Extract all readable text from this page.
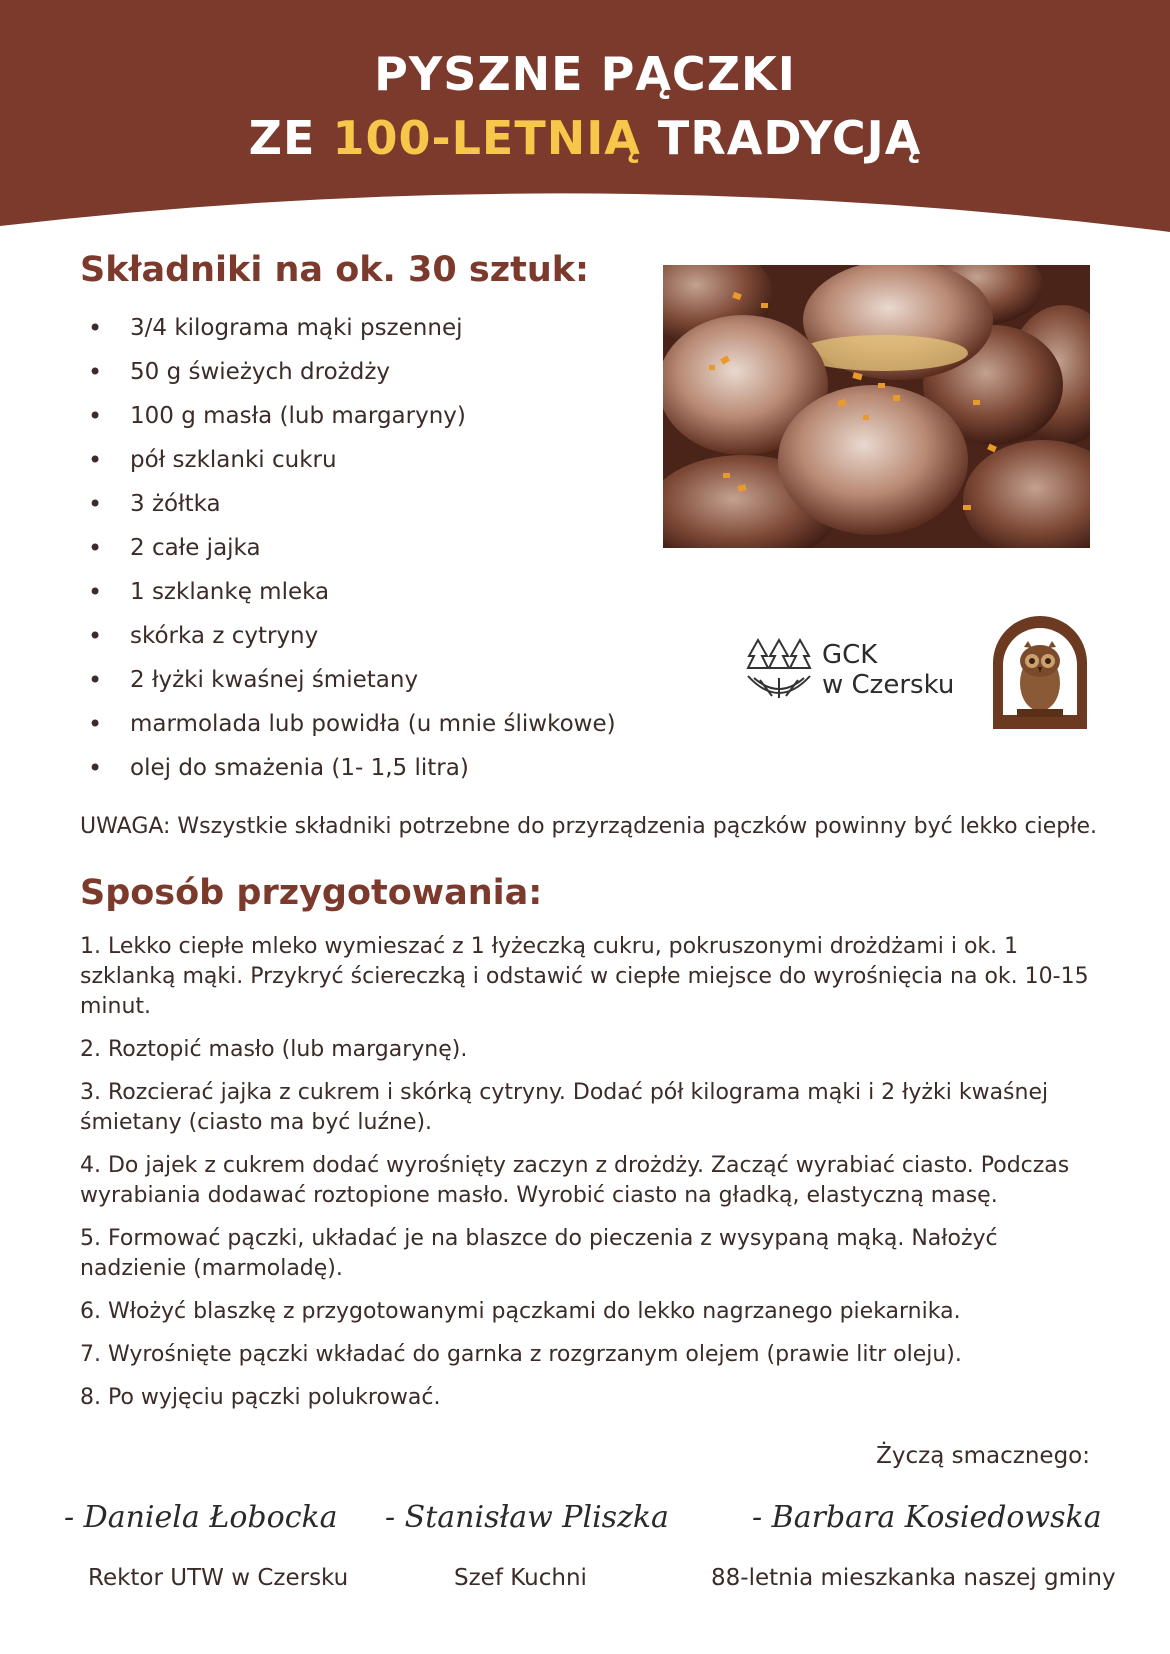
PYSZNE PĄCZKI
ZE 100-LETNIĄ TRADYCJĄ
Składniki na ok. 30 sztuk:
• 3/4 kilograma mąki pszennej
• 50 g świeżych drożdży
• 100 g masła (lub margaryny)
• pół szklanki cukru
• 3 żółtka
• 2 całe jajka
• 1 szklankę mleka
• skórka z cytryny
• 2 łyżki kwaśnej śmietany
• marmolada lub powidła (u mnie śliwkowe)
• olej do smażenia (1- 1,5 litra)
GCK
w Czersku
UWAGA: Wszystkie składniki potrzebne do przyrządzenia pączków powinny być lekko ciepłe.
Sposób przygotowania:

1. Lekko ciepłe mleko wymieszać z 1 łyżeczką cukru, pokruszonymi drożdżami i ok. 1 szklanką mąki. Przykryć ściereczką i odstawić w ciepłe miejsce do wyrośnięcia na ok. 10-15 minut.

2. Roztopić masło (lub margarynę).

3. Rozcierać jajka z cukrem i skórką cytryny. Dodać pół kilograma mąki i 2 łyżki kwaśnej śmietany (ciasto ma być luźne).

4. Do jajek z cukrem dodać wyrośnięty zaczyn z drożdży. Zacząć wyrabiać ciasto. Podczas wyrabiania dodawać roztopione masło. Wyrobić ciasto na gładką, elastyczną masę.

5. Formować pączki, układać je na blaszce do pieczenia z wysypaną mąką. Nałożyć nadzienie (marmoladę).

6. Włożyć blaszkę z przygotowanymi pączkami do lekko nagrzanego piekarnika.

7. Wyrośnięte pączki wkładać do garnka z rozgrzanym olejem (prawie litr oleju).

8. Po wyjęciu pączki polukrować.

Życzą smacznego:
- Daniela Łobocka - Stanisław Pliszka	- Barbara Kosiedowska
Rektor UTW w Czersku	Szef Kuchni	88-letnia mieszkanka naszej gminy
